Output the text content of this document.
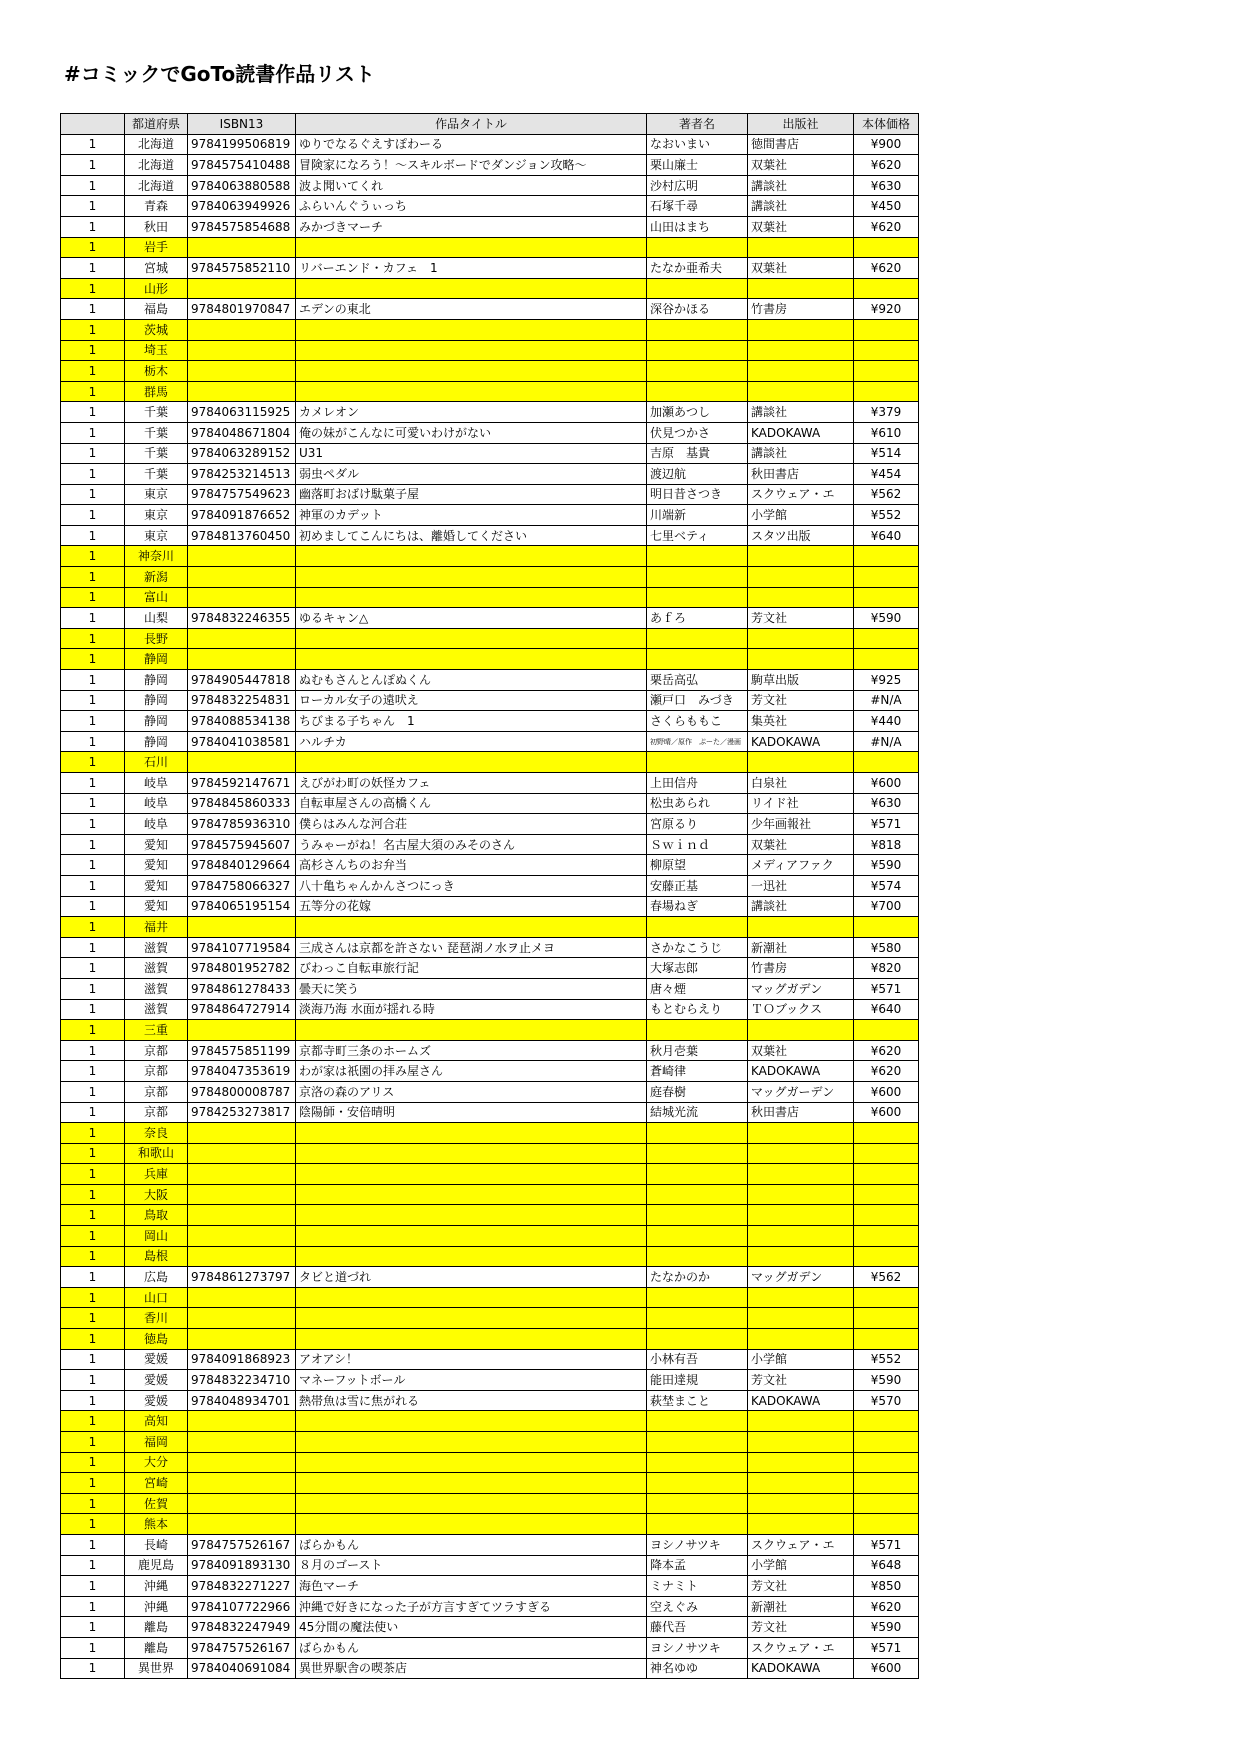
#コミックでGoTo読書作品リスト
	都道府県	ISBN13	作品タイトル	著者名	出版社	本体価格
1	北海道	9784199506819	ゆりでなるぐえすぽわーる	なおいまい	徳間書店	¥900
1	北海道	9784575410488	冒険家になろう！〜スキルボードでダンジョン攻略〜	栗山廉士	双葉社	¥620
1	北海道	9784063880588	波よ聞いてくれ	沙村広明	講談社	¥630
1	青森	9784063949926	ふらいんぐうぃっち	石塚千尋	講談社	¥450
1	秋田	9784575854688	みかづきマーチ	山田はまち	双葉社	¥620
1	岩手					
1	宮城	9784575852110	リバーエンド・カフェ　1	たなか亜希夫	双葉社	¥620
1	山形					
1	福島	9784801970847	エデンの東北	深谷かほる	竹書房	¥920
1	茨城					
1	埼玉					
1	栃木					
1	群馬					
1	千葉	9784063115925	カメレオン	加瀬あつし	講談社	¥379
1	千葉	9784048671804	俺の妹がこんなに可愛いわけがない	伏見つかさ	KADOKAWA	¥610
1	千葉	9784063289152	U31	吉原　基貴	講談社	¥514
1	千葉	9784253214513	弱虫ペダル	渡辺航	秋田書店	¥454
1	東京	9784757549623	幽落町おばけ駄菓子屋	明日昔さつき	スクウェア・エ	¥562
1	東京	9784091876652	神軍のカデット	川端新	小学館	¥552
1	東京	9784813760450	初めましてこんにちは、離婚してください	七里ベティ	スタツ出版	¥640
1	神奈川					
1	新潟					
1	富山					
1	山梨	9784832246355	ゆるキャン△	あｆろ	芳文社	¥590
1	長野					
1	静岡					
1	静岡	9784905447818	ぬむもさんとんぽぬくん	栗岳高弘	駒草出版	¥925
1	静岡	9784832254831	ローカル女子の遠吠え	瀬戸口　みづき	芳文社	#N/A
1	静岡	9784088534138	ちびまる子ちゃん　1	さくらももこ	集英社	¥440
1	静岡	9784041038581	ハルチカ	初野晴／原作　ぷーた／漫画	KADOKAWA	#N/A
1	石川					
1	岐阜	9784592147671	えびがわ町の妖怪カフェ	上田信舟	白泉社	¥600
1	岐阜	9784845860333	自転車屋さんの高橋くん	松虫あられ	リイド社	¥630
1	岐阜	9784785936310	僕らはみんな河合荘	宮原るり	少年画報社	¥571
1	愛知	9784575945607	うみゃーがね！名古屋大須のみそのさん	Ｓｗｉｎｄ	双葉社	¥818
1	愛知	9784840129664	高杉さんちのお弁当	柳原望	メディアファク	¥590
1	愛知	9784758066327	八十亀ちゃんかんさつにっき	安藤正基	一迅社	¥574
1	愛知	9784065195154	五等分の花嫁	春場ねぎ	講談社	¥700
1	福井					
1	滋賀	9784107719584	三成さんは京都を許さない 琵琶湖ノ水ヲ止メヨ	さかなこうじ	新潮社	¥580
1	滋賀	9784801952782	びわっこ自転車旅行記	大塚志郎	竹書房	¥820
1	滋賀	9784861278433	曇天に笑う	唐々煙	マッグガデン	¥571
1	滋賀	9784864727914	淡海乃海 水面が揺れる時	もとむらえり	ＴＯブックス	¥640
1	三重					
1	京都	9784575851199	京都寺町三条のホームズ	秋月壱葉	双葉社	¥620
1	京都	9784047353619	わが家は祇園の拝み屋さん	蒼崎律	KADOKAWA	¥620
1	京都	9784800008787	京洛の森のアリス	庭春樹	マッグガーデン	¥600
1	京都	9784253273817	陰陽師・安倍晴明	結城光流	秋田書店	¥600
1	奈良					
1	和歌山					
1	兵庫					
1	大阪					
1	鳥取					
1	岡山					
1	島根					
1	広島	9784861273797	タビと道づれ	たなかのか	マッグガデン	¥562
1	山口					
1	香川					
1	徳島					
1	愛媛	9784091868923	アオアシ！	小林有吾	小学館	¥552
1	愛媛	9784832234710	マネーフットボール	能田達規	芳文社	¥590
1	愛媛	9784048934701	熱帯魚は雪に焦がれる	萩埜まこと	KADOKAWA	¥570
1	高知					
1	福岡					
1	大分					
1	宮崎					
1	佐賀					
1	熊本					
1	長崎	9784757526167	ばらかもん	ヨシノサツキ	スクウェア・エ	¥571
1	鹿児島	9784091893130	８月のゴースト	降本孟	小学館	¥648
1	沖縄	9784832271227	海色マーチ	ミナミト	芳文社	¥850
1	沖縄	9784107722966	沖縄で好きになった子が方言すぎてツラすぎる	空えぐみ	新潮社	¥620
1	離島	9784832247949	45分間の魔法使い	藤代吾	芳文社	¥590
1	離島	9784757526167	ばらかもん	ヨシノサツキ	スクウェア・エ	¥571
1	異世界	9784040691084	異世界駅舎の喫茶店	神名ゆゆ	KADOKAWA	¥600
